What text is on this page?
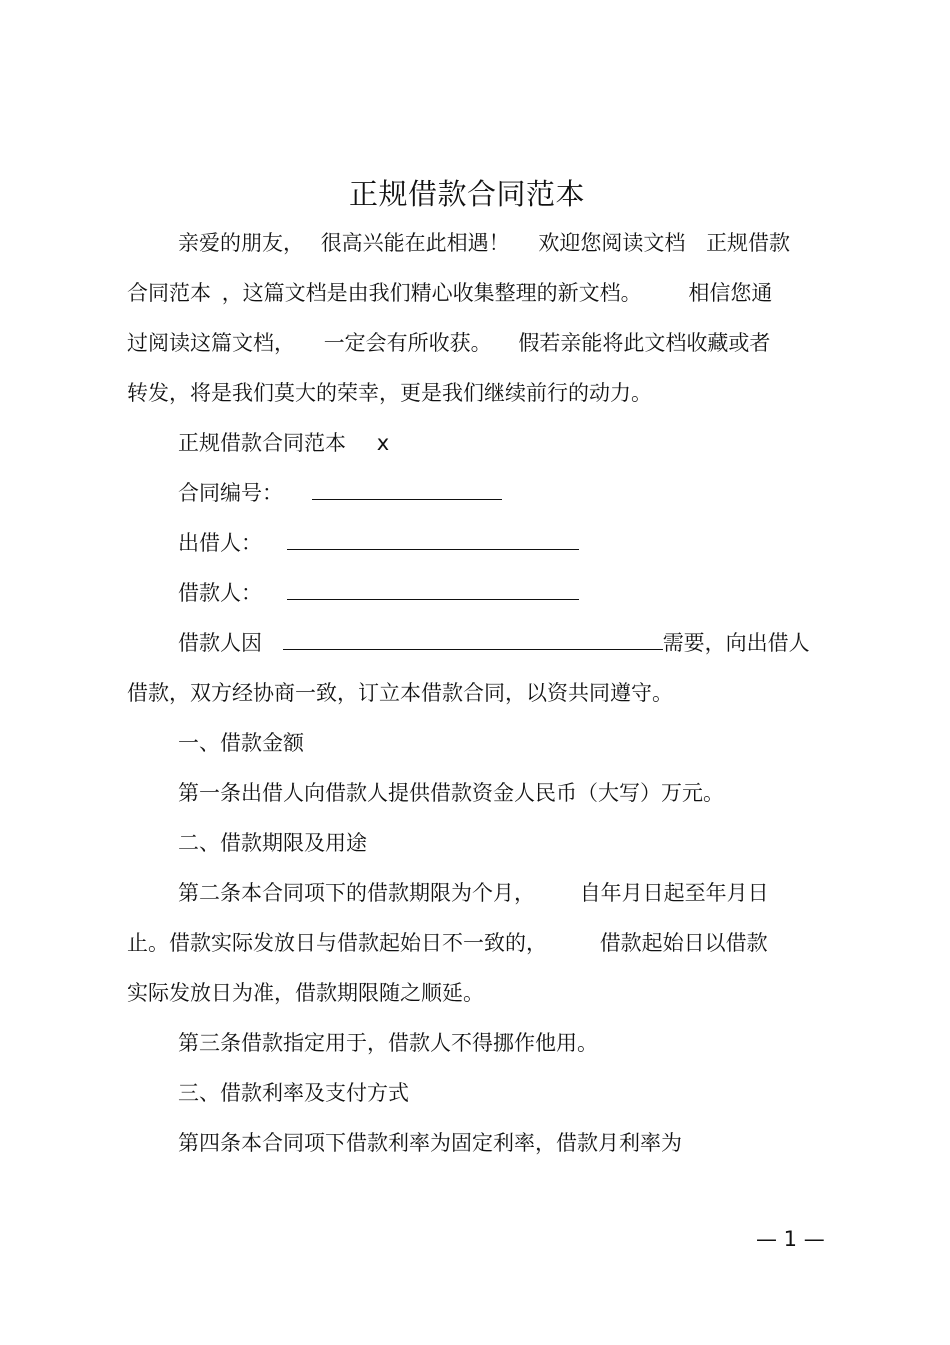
正规借款合同范本
亲爱的朋友， 很高兴能在此相遇！ 欢迎您阅读文档 正规借款
合同范本 ，这篇文档是由我们精心收集整理的新文档。 相信您通
过阅读这篇文档， 一定会有所收获。 假若亲能将此文档收藏或者
转发，将是我们莫大的荣幸，更是我们继续前行的动力。
正规借款合同范本 x
合同编号：
出借人：
借款人：
借款人因	需要，向出借人
借款，双方经协商一致，订立本借款合同，以资共同遵守。
一、借款金额
第一条出借人向借款人提供借款资金人民币（大写）万元。
二、借款期限及用途
第二条本合同项下的借款期限为个月， 自年月日起至年月日
止。借款实际发放日与借款起始日不一致的，	借款起始日以借款
实际发放日为准，借款期限随之顺延。
第三条借款指定用于，借款人不得挪作他用。
三、借款利率及支付方式
第四条本合同项下借款利率为固定利率，借款月利率为
— 1 —
